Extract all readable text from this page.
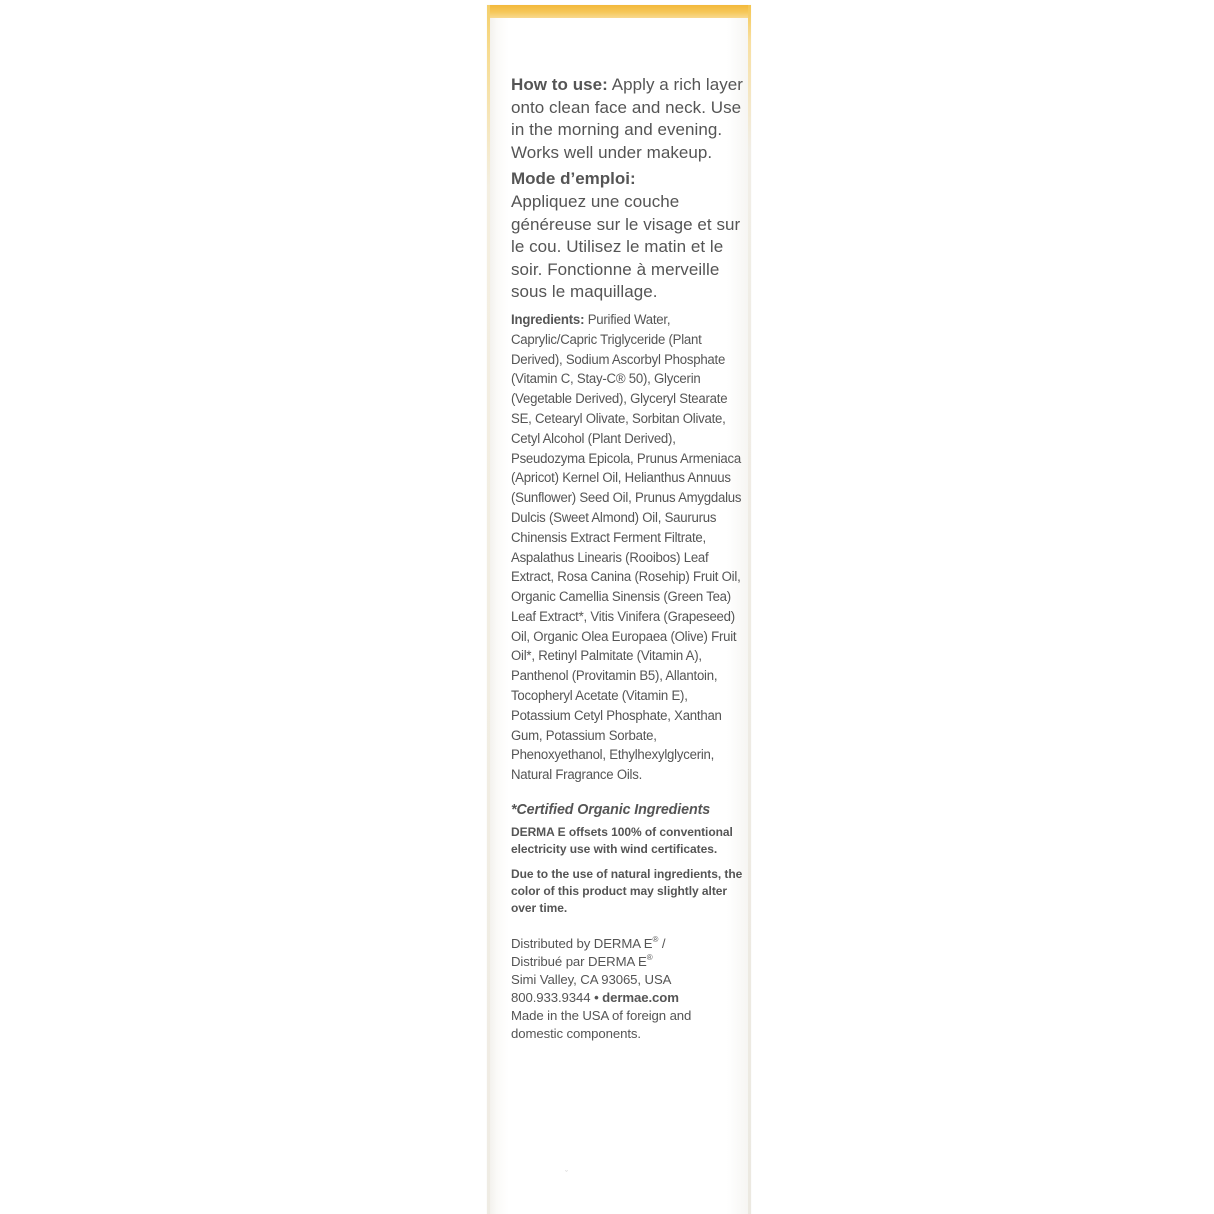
How to use: Apply a rich layer onto clean face and neck. Use in the morning and evening. Works well under makeup.

Mode d’emploi:

Appliquez une couche généreuse sur le visage et sur le cou. Utilisez le matin et le soir. Fonctionne à merveille sous le maquillage.

Ingredients: Purified Water, Caprylic/Capric Triglyceride (Plant Derived), Sodium Ascorbyl Phosphate (Vitamin C, Stay-C® 50), Glycerin (Vegetable Derived), Glyceryl Stearate SE, Cetearyl Olivate, Sorbitan Olivate, Cetyl Alcohol (Plant Derived), Pseudozyma Epicola, Prunus Armeniaca (Apricot) Kernel Oil, Helianthus Annuus (Sunflower) Seed Oil, Prunus Amygdalus Dulcis (Sweet Almond) Oil, Saururus Chinensis Extract Ferment Filtrate, Aspalathus Linearis (Rooibos) Leaf Extract, Rosa Canina (Rosehip) Fruit Oil, Organic Camellia Sinensis (Green Tea) Leaf Extract*, Vitis Vinifera (Grapeseed) Oil, Organic Olea Europaea (Olive) Fruit Oil*, Retinyl Palmitate (Vitamin A), Panthenol (Provitamin B5), Allantoin, Tocopheryl Acetate (Vitamin E), Potassium Cetyl Phosphate, Xanthan Gum, Potassium Sorbate, Phenoxyethanol, Ethylhexylglycerin, Natural Fragrance Oils.

*Certified Organic Ingredients

DERMA E offsets 100% of conventional electricity use with wind certificates.

Due to the use of natural ingredients, the color of this product may slightly alter over time.

Distributed by DERMA E® /
Distribué par DERMA E®
Simi Valley, CA 93065, USA
800.933.9344 • dermae.com
Made in the USA of foreign and domestic components.
ˇ
